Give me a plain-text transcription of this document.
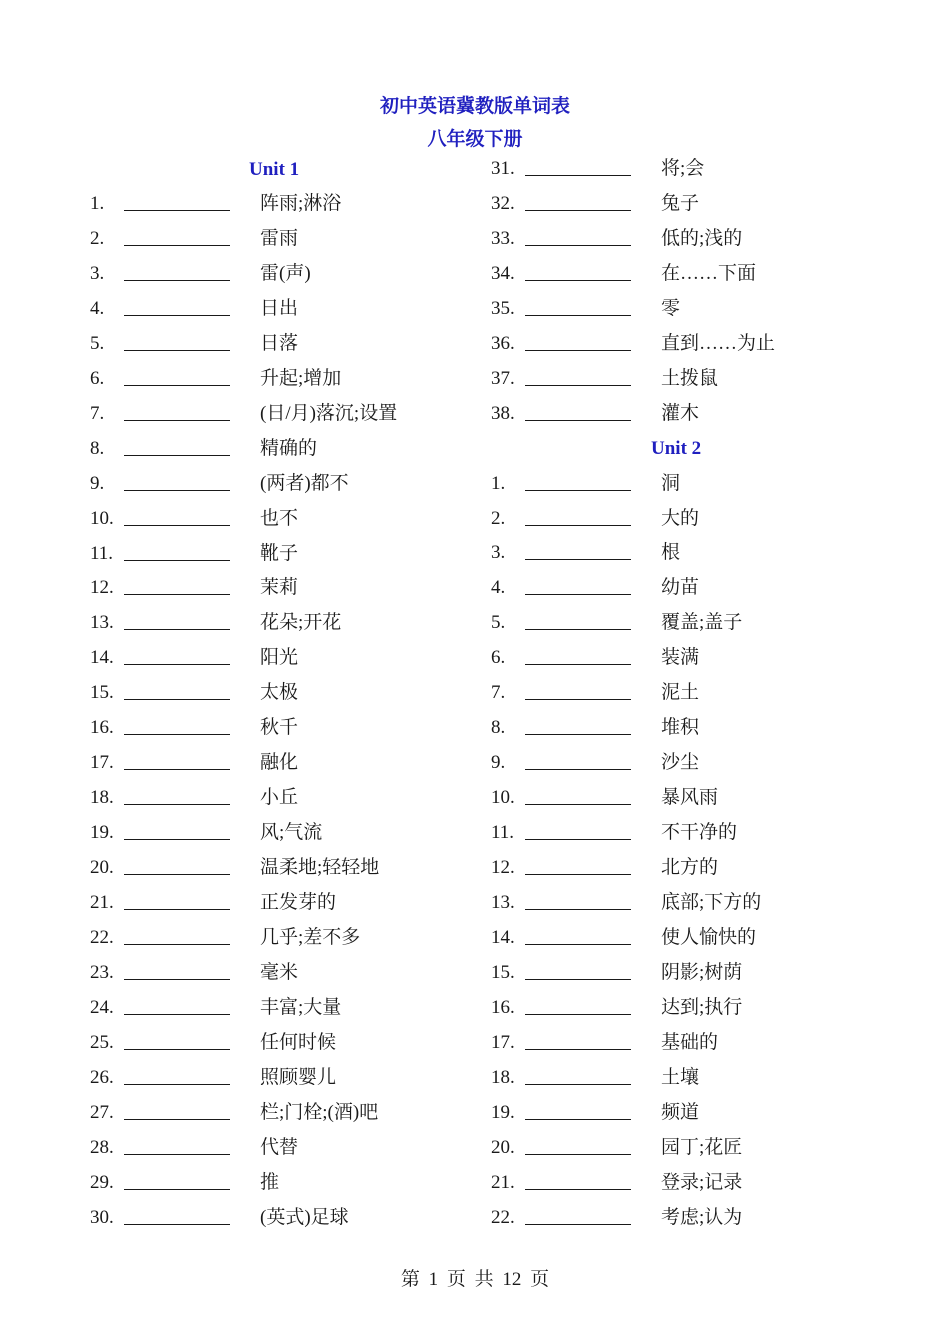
初中英语冀教版单词表
八年级下册
Unit 1
1.	阵雨;淋浴
2.	雷雨
3.	雷(声)
4.	日出
5.	日落
6.	升起;增加
7.	(日/月)落沉;设置
8.	精确的
9.	(两者)都不
10.	也不
11.	靴子
12.	茉莉
13.	花朵;开花
14.	阳光
15.	太极
16.	秋千
17.	融化
18.	小丘
19.	风;气流
20.	温柔地;轻轻地
21.	正发芽的
22.	几乎;差不多
23.	毫米
24.	丰富;大量
25.	任何时候
26.	照顾婴儿
27.	栏;门栓;(酒)吧
28.	代替
29.	推
30.	(英式)足球
Unit 2
31.	将;会
32.	兔子
33.	低的;浅的
34.	在……下面
35.	零
36.	直到……为止
37.	土拨鼠
38.	灌木
1.	洞
2.	大的
3.	根
4.	幼苗
5.	覆盖;盖子
6.	装满
7.	泥土
8.	堆积
9.	沙尘
10.	暴风雨
11.	不干净的
12.	北方的
13.	底部;下方的
14.	使人愉快的
15.	阴影;树荫
16.	达到;执行
17.	基础的
18.	土壤
19.	频道
20.	园丁;花匠
21.	登录;记录
22.	考虑;认为
第 1 页 共 12 页
